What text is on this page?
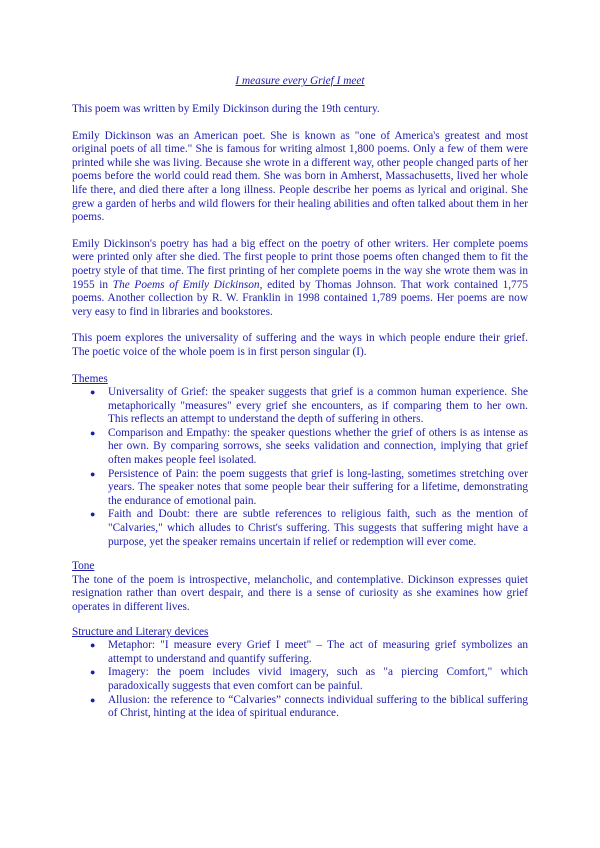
I measure every Grief I meet

This poem was written by Emily Dickinson during the 19th century.

Emily Dickinson was an American poet. She is known as "one of America's greatest and most original poets of all time." She is famous for writing almost 1,800 poems. Only a few of them were printed while she was living. Because she wrote in a different way, other people changed parts of her poems before the world could read them. She was born in Amherst, Massachusetts, lived her whole life there, and died there after a long illness. People describe her poems as lyrical and original. She grew a garden of herbs and wild flowers for their healing abilities and often talked about them in her poems.

Emily Dickinson's poetry has had a big effect on the poetry of other writers. Her complete poems were printed only after she died. The first people to print those poems often changed them to fit the poetry style of that time. The first printing of her complete poems in the way she wrote them was in 1955 in The Poems of Emily Dickinson, edited by Thomas Johnson. That work contained 1,775 poems. Another collection by R. W. Franklin in 1998 contained 1,789 poems. Her poems are now very easy to find in libraries and bookstores.

This poem explores the universality of suffering and the ways in which people endure their grief. The poetic voice of the whole poem is in first person singular (I).

Themes
● Universality of Grief: the speaker suggests that grief is a common human experience. She metaphorically "measures" every grief she encounters, as if comparing them to her own. This reflects an attempt to understand the depth of suffering in others.
● Comparison and Empathy: the speaker questions whether the grief of others is as intense as her own. By comparing sorrows, she seeks validation and connection, implying that grief often makes people feel isolated.
● Persistence of Pain: the poem suggests that grief is long-lasting, sometimes stretching over years. The speaker notes that some people bear their suffering for a lifetime, demonstrating the endurance of emotional pain.
● Faith and Doubt: there are subtle references to religious faith, such as the mention of "Calvaries," which alludes to Christ's suffering. This suggests that suffering might have a purpose, yet the speaker remains uncertain if relief or redemption will ever come.
Tone

The tone of the poem is introspective, melancholic, and contemplative. Dickinson expresses quiet resignation rather than overt despair, and there is a sense of curiosity as she examines how grief operates in different lives.

Structure and Literary devices
● Metaphor: "I measure every Grief I meet" – The act of measuring grief symbolizes an attempt to understand and quantify suffering.
● Imagery: the poem includes vivid imagery, such as "a piercing Comfort," which paradoxically suggests that even comfort can be painful.
● Allusion: the reference to “Calvaries” connects individual suffering to the biblical suffering of Christ, hinting at the idea of spiritual endurance.
